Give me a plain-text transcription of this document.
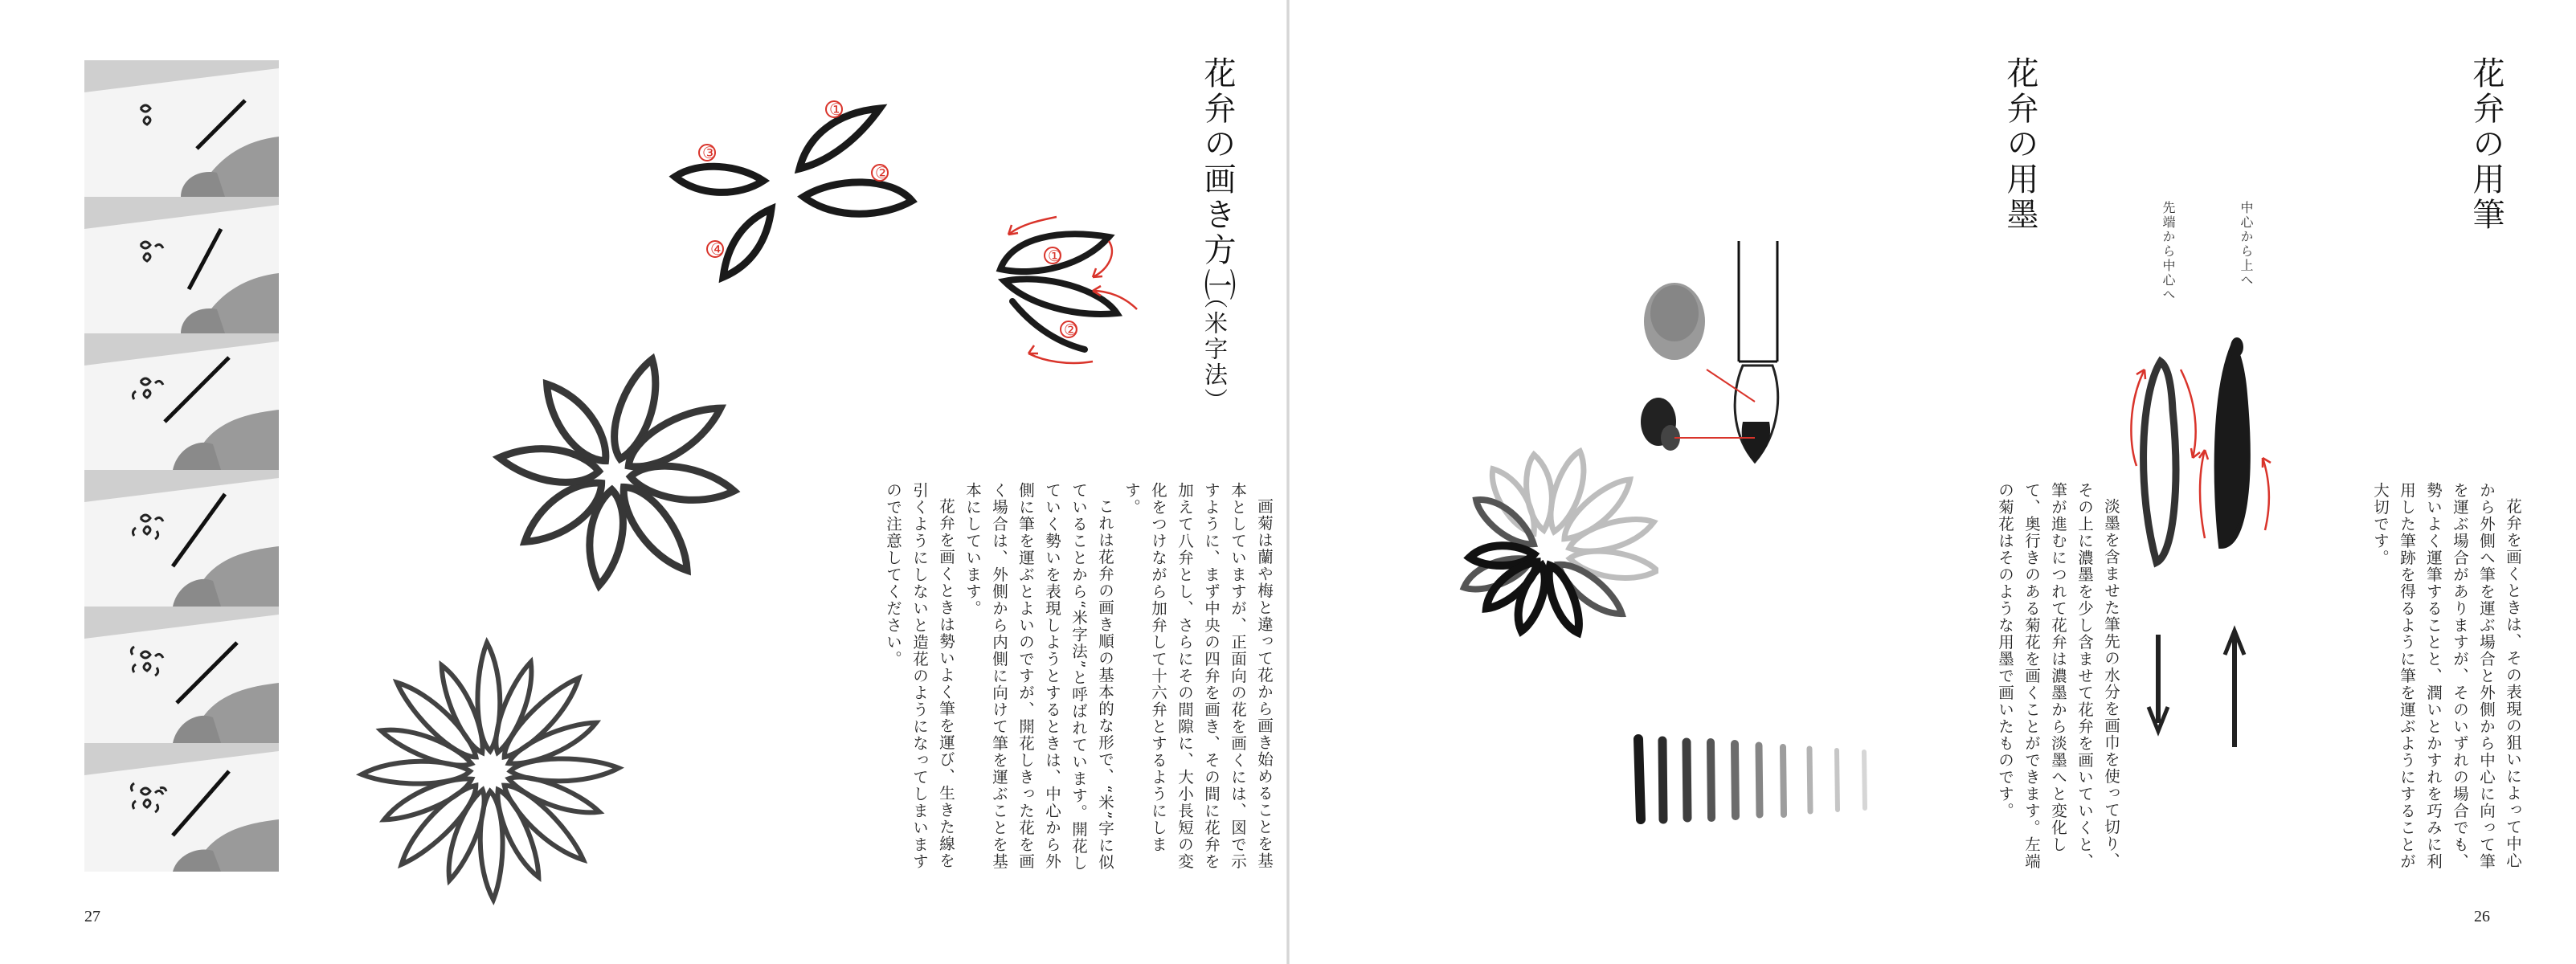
①
②
③
④	①
②
花弁の画き方㈠
（米字法）

画菊は蘭や梅と違って花から画き始めることを基本としていますが、正面向の花を画くには、図で示すように、まず中央の四弁を画き、その間に花弁を加えて八弁とし、さらにその間隙に、大小長短の変化をつけながら加弁して十六弁とするようにします。

これは花弁の画き順の基本的な形で、“米”字に似ていることから“米字法”と呼ばれています。開花していく勢いを表現しようとするときは、中心から外側に筆を運ぶとよいのですが、開花しきった花を画く場合は、外側から内側に向けて筆を運ぶことを基本にしています。

花弁を画くときは勢いよく筆を運び、生きた線を引くようにしないと造花のようになってしまいますので注意してください。

27
中心から上へ
先端から中心へ
花弁の用筆
花弁の用墨

花弁を画くときは、その表現の狙いによって中心から外側へ筆を運ぶ場合と外側から中心に向って筆を運ぶ場合がありますが、そのいずれの場合でも、勢いよく運筆することと、潤いとかすれを巧みに利用した筆跡を得るように筆を運ぶようにすることが大切です。

淡墨を含ませた筆先の水分を画巾を使って切り、その上に濃墨を少し含ませて花弁を画いていくと、筆が進むにつれて花弁は濃墨から淡墨へと変化して、奥行きのある菊花を画くことができます。左端の菊花はそのような用墨で画いたものです。

26
